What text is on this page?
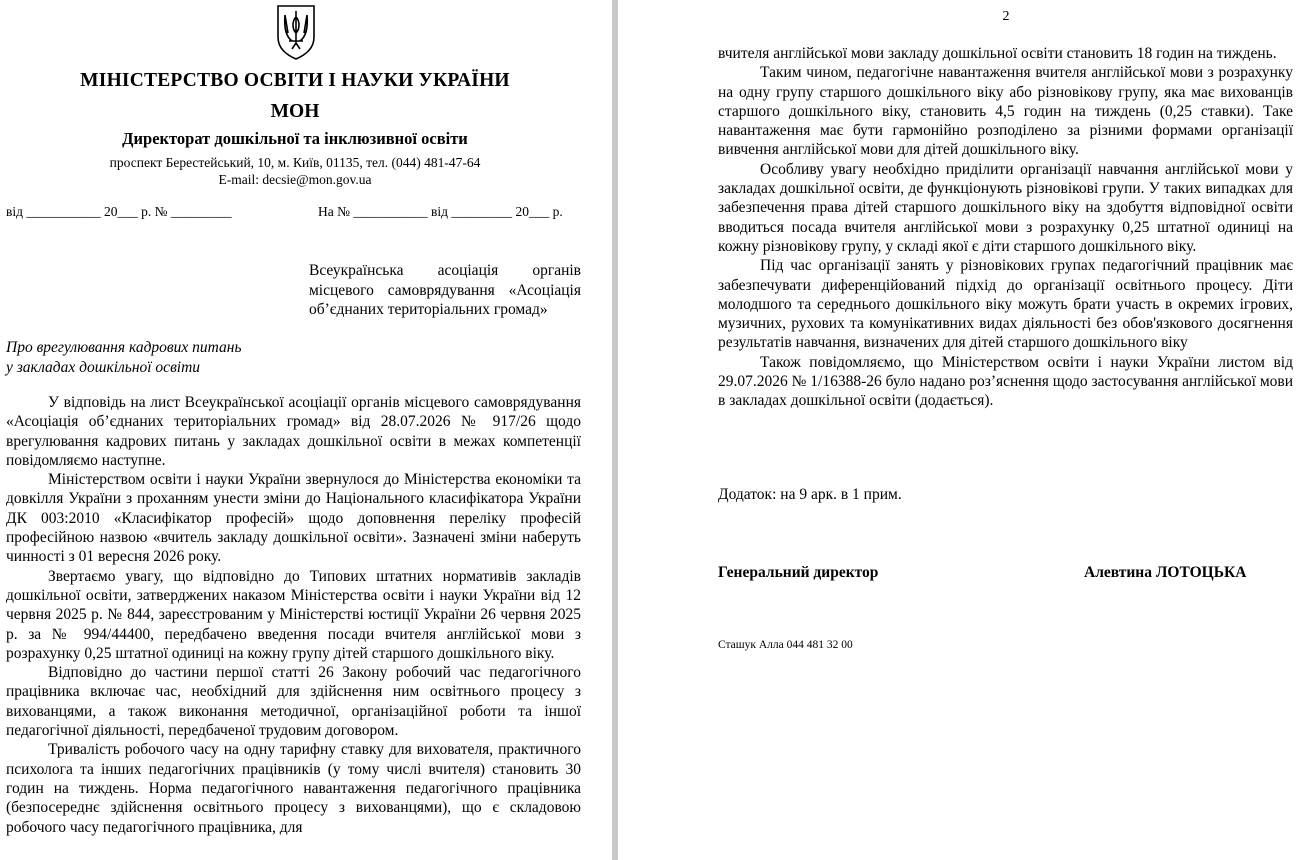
МІНІСТЕРСТВО ОСВІТИ І НАУКИ УКРАЇНИ
МОН
Директорат дошкільної та інклюзивної освіти
проспект Берестейський, 10, м. Київ, 01135, тел. (044) 481-47-64
E-mail: decsie@mon.gov.ua
від ___________ 20___ р. № _________	На № ___________ від _________ 20___ р.
Всеукраїнська асоціація органів місцевого самоврядування «Асоціація об’єднаних територіальних громад»
Про врегулювання кадрових питань
у закладах дошкільної освіти

У відповідь на лист Всеукраїнської асоціації органів місцевого самоврядування «Асоціація об’єднаних територіальних громад» від 28.07.2026 № 917/26 щодо врегулювання кадрових питань у закладах дошкільної освіти в межах компетенції повідомляємо наступне.

Міністерством освіти і науки України звернулося до Міністерства економіки та довкілля України з проханням унести зміни до Національного класифікатора України ДК 003:2010 «Класифікатор професій» щодо доповнення переліку професій професійною назвою «вчитель закладу дошкільної освіти». Зазначені зміни наберуть чинності з 01 вересня 2026 року.

Звертаємо увагу, що відповідно до Типових штатних нормативів закладів дошкільної освіти, затверджених наказом Міністерства освіти і науки України від 12 червня 2025 р. № 844, зареєстрованим у Міністерстві юстиції України 26 червня 2025 р. за № 994/44400, передбачено введення посади вчителя англійської мови з розрахунку 0,25 штатної одиниці на кожну групу дітей старшого дошкільного віку.

Відповідно до частини першої статті 26 Закону робочий час педагогічного працівника включає час, необхідний для здійснення ним освітнього процесу з вихованцями, а також виконання методичної, організаційної роботи та іншої педагогічної діяльності, передбаченої трудовим договором.

Тривалість робочого часу на одну тарифну ставку для вихователя, практичного психолога та інших педагогічних працівників (у тому числі вчителя) становить 30 годин на тиждень. Норма педагогічного навантаження педагогічного працівника (безпосереднє здійснення освітнього процесу з вихованцями), що є складовою робочого часу педагогічного працівника, для

2

вчителя англійської мови закладу дошкільної освіти становить 18 годин на тиждень.

Таким чином, педагогічне навантаження вчителя англійської мови з розрахунку на одну групу старшого дошкільного віку або різновікову групу, яка має вихованців старшого дошкільного віку, становить 4,5 годин на тиждень (0,25 ставки). Таке навантаження має бути гармонійно розподілено за різними формами організації вивчення англійської мови для дітей дошкільного віку.

Особливу увагу необхідно приділити організації навчання англійської мови у закладах дошкільної освіти, де функціонують різновікові групи. У таких випадках для забезпечення права дітей старшого дошкільного віку на здобуття відповідної освіти вводиться посада вчителя англійської мови з розрахунку 0,25 штатної одиниці на кожну різновікову групу, у складі якої є діти старшого дошкільного віку.

Під час організації занять у різновікових групах педагогічний працівник має забезпечувати диференційований підхід до організації освітнього процесу. Діти молодшого та середнього дошкільного віку можуть брати участь в окремих ігрових, музичних, рухових та комунікативних видах діяльності без обов'язкового досягнення результатів навчання, визначених для дітей старшого дошкільного віку

Також повідомляємо, що Міністерством освіти і науки України листом від 29.07.2026 № 1/16388-26 було надано роз’яснення щодо застосування англійської мови в закладах дошкільної освіти (додається).

Додаток: на 9 арк. в 1 прим.
Генеральний директор	Алевтина ЛОТОЦЬКА
Сташук Алла 044 481 32 00
